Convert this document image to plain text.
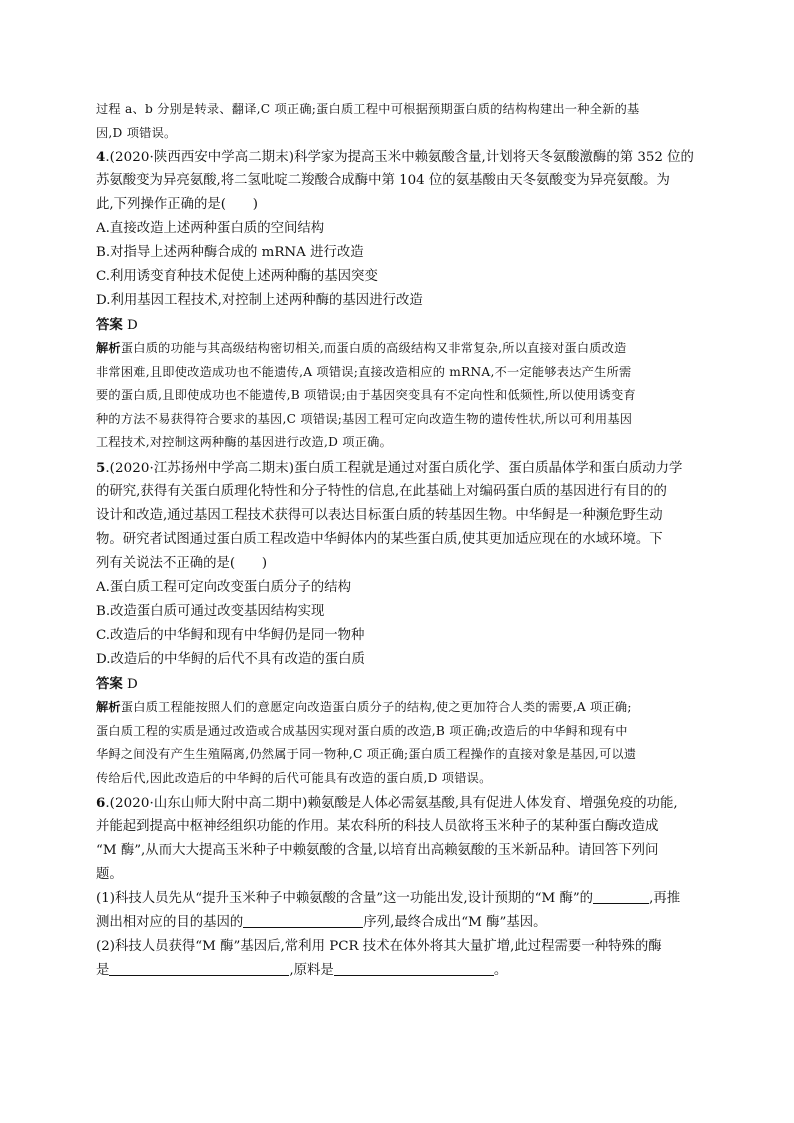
过程 a、b 分别是转录、翻译,C 项正确;蛋白质工程中可根据预期蛋白质的结构构建出一种全新的基
因,D 项错误。
4.(2020·陕西西安中学高二期末)科学家为提高玉米中赖氨酸含量,计划将天冬氨酸激酶的第 352 位的
苏氨酸变为异亮氨酸,将二氢吡啶二羧酸合成酶中第 104 位的氨基酸由天冬氨酸变为异亮氨酸。为
此,下列操作正确的是(　　)
A.直接改造上述两种蛋白质的空间结构
B.对指导上述两种酶合成的 mRNA 进行改造
C.利用诱变育种技术促使上述两种酶的基因突变
D.利用基因工程技术,对控制上述两种酶的基因进行改造
答案 D
解析蛋白质的功能与其高级结构密切相关,而蛋白质的高级结构又非常复杂,所以直接对蛋白质改造
非常困难,且即使改造成功也不能遗传,A 项错误;直接改造相应的 mRNA,不一定能够表达产生所需
要的蛋白质,且即使成功也不能遗传,B 项错误;由于基因突变具有不定向性和低频性,所以使用诱变育
种的方法不易获得符合要求的基因,C 项错误;基因工程可定向改造生物的遗传性状,所以可利用基因
工程技术,对控制这两种酶的基因进行改造,D 项正确。
5.(2020·江苏扬州中学高二期末)蛋白质工程就是通过对蛋白质化学、蛋白质晶体学和蛋白质动力学
的研究,获得有关蛋白质理化特性和分子特性的信息,在此基础上对编码蛋白质的基因进行有目的的
设计和改造,通过基因工程技术获得可以表达目标蛋白质的转基因生物。中华鲟是一种濒危野生动
物。研究者试图通过蛋白质工程改造中华鲟体内的某些蛋白质,使其更加适应现在的水域环境。下
列有关说法不正确的是(　　)
A.蛋白质工程可定向改变蛋白质分子的结构
B.改造蛋白质可通过改变基因结构实现
C.改造后的中华鲟和现有中华鲟仍是同一物种
D.改造后的中华鲟的后代不具有改造的蛋白质
答案 D
解析蛋白质工程能按照人们的意愿定向改造蛋白质分子的结构,使之更加符合人类的需要,A 项正确;
蛋白质工程的实质是通过改造或合成基因实现对蛋白质的改造,B 项正确;改造后的中华鲟和现有中
华鲟之间没有产生生殖隔离,仍然属于同一物种,C 项正确;蛋白质工程操作的直接对象是基因,可以遗
传给后代,因此改造后的中华鲟的后代可能具有改造的蛋白质,D 项错误。
6.(2020·山东山师大附中高二期中)赖氨酸是人体必需氨基酸,具有促进人体发育、增强免疫的功能,
并能起到提高中枢神经组织功能的作用。某农科所的科技人员欲将玉米种子的某种蛋白酶改造成
“M 酶”,从而大大提高玉米种子中赖氨酸的含量,以培育出高赖氨酸的玉米新品种。请回答下列问
题。
(1)科技人员先从“提升玉米种子中赖氨酸的含量”这一功能出发,设计预期的“M 酶”的	,再推
测出相对应的目的基因的	序列,最终合成出“M 酶”基因。
(2)科技人员获得“M 酶”基因后,常利用 PCR 技术在体外将其大量扩增,此过程需要一种特殊的酶
是	,原料是	。
